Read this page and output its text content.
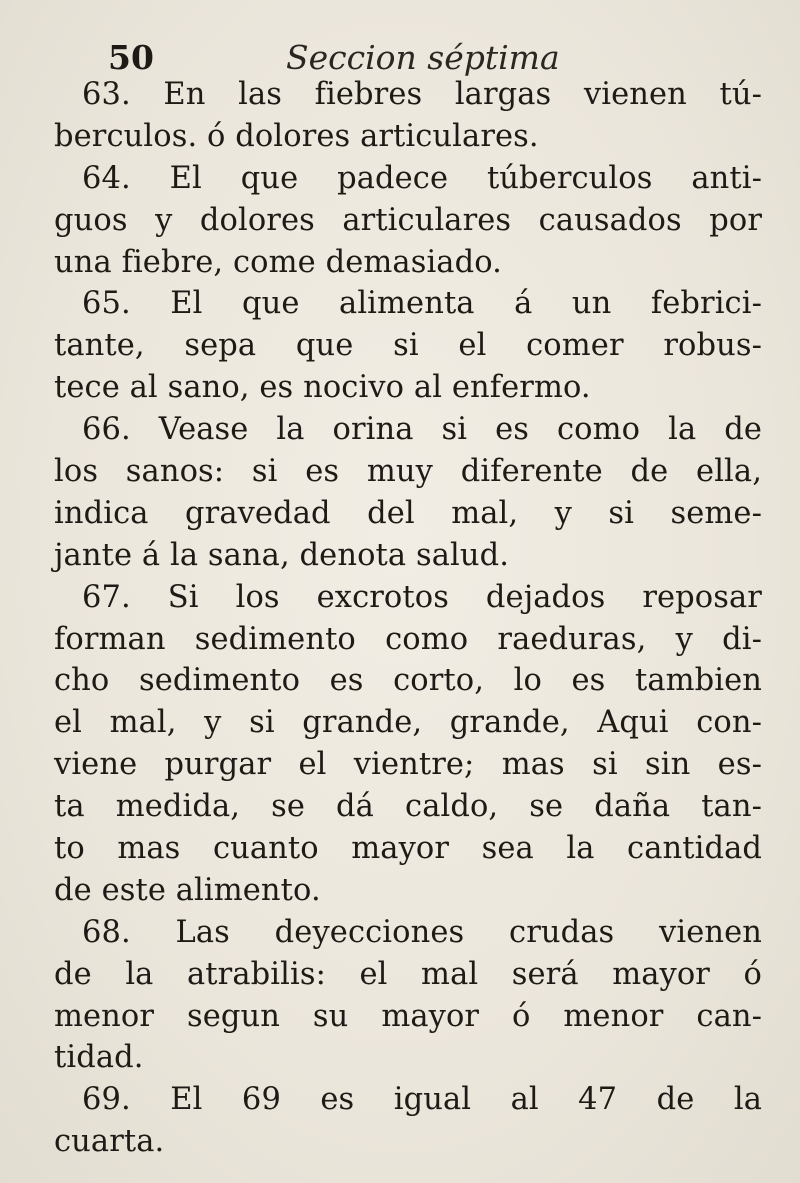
50	Seccion séptima
63. En las fiebres largas vienen tú-
berculos. ó dolores articulares.
64. El que padece túberculos anti-
guos y dolores articulares causados por
una fiebre, come demasiado.
65. El que alimenta á un febrici-
tante, sepa que si el comer robus-
tece al sano, es nocivo al enfermo.
66. Vease la orina si es como la de
los sanos: si es muy diferente de ella,
indica gravedad del mal, y si seme-
jante á la sana, denota salud.
67. Si los excrotos dejados reposar
forman sedimento como raeduras, y di-
cho sedimento es corto, lo es tambien
el mal, y si grande, grande, Aqui con-
viene purgar el vientre; mas si sin es-
ta medida, se dá caldo, se daña tan-
to mas cuanto mayor sea la cantidad
de este alimento.
68. Las deyecciones crudas vienen
de la atrabilis: el mal será mayor ó
menor segun su mayor ó menor can-
tidad.
69. El 69 es igual al 47 de la
cuarta.
